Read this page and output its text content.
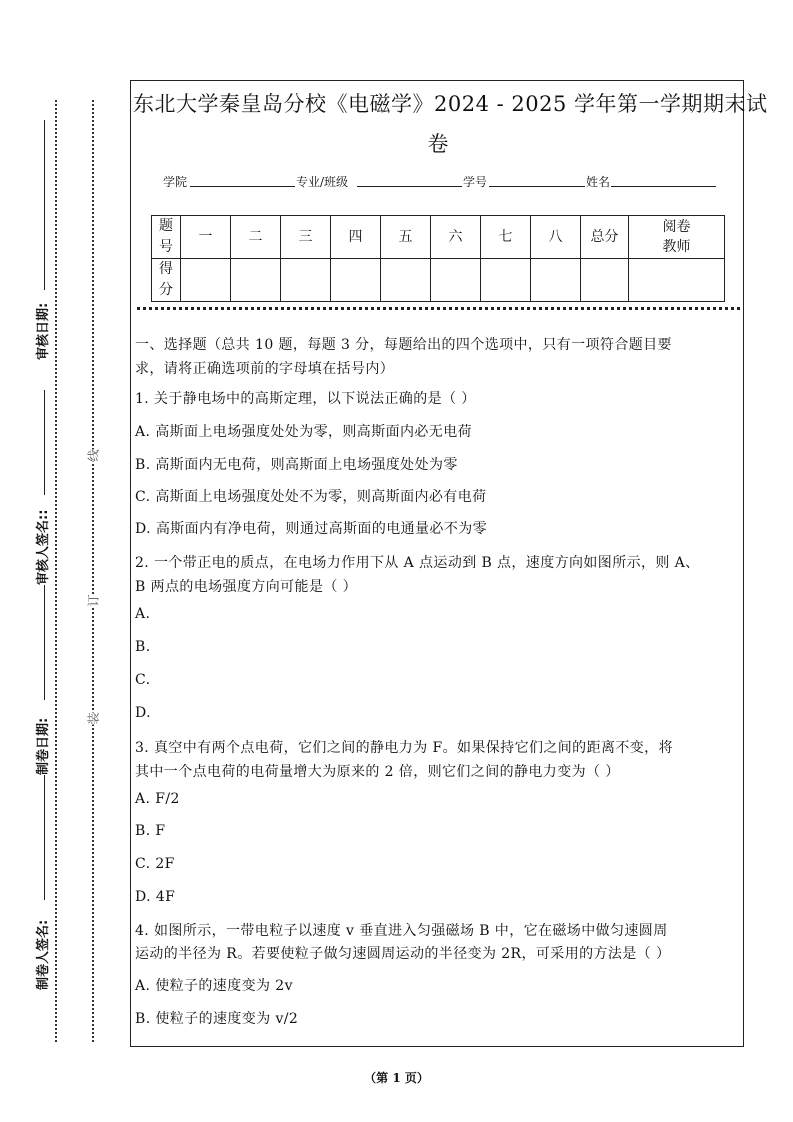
制卷人签名:
制卷日期:
审核人签名::
审核日期:
装
订
线
东北大学秦皇岛分校《电磁学》2024 - 2025 学年第一学期期末试
卷
学院	专业/班级	学号	姓名
题号	一	二	三	四	五	六	七	八	总分	阅卷教师
得分										
一、选择题（总共 10 题，每题 3 分，每题给出的四个选项中，只有一项符合题目要
求，请将正确选项前的字母填在括号内）
1. 关于静电场中的高斯定理，以下说法正确的是（ ）
A. 高斯面上电场强度处处为零，则高斯面内必无电荷
B. 高斯面内无电荷，则高斯面上电场强度处处为零
C. 高斯面上电场强度处处不为零，则高斯面内必有电荷
D. 高斯面内有净电荷，则通过高斯面的电通量必不为零
2. 一个带正电的质点，在电场力作用下从 A 点运动到 B 点，速度方向如图所示，则 A、
B 两点的电场强度方向可能是（ ）
A.
B.
C.
D.
3. 真空中有两个点电荷，它们之间的静电力为 F。如果保持它们之间的距离不变，将
其中一个点电荷的电荷量增大为原来的 2 倍，则它们之间的静电力变为（ ）
A. F/2
B. F
C. 2F
D. 4F
4. 如图所示，一带电粒子以速度 v 垂直进入匀强磁场 B 中，它在磁场中做匀速圆周
运动的半径为 R。若要使粒子做匀速圆周运动的半径变为 2R，可采用的方法是（ ）
A. 使粒子的速度变为 2v
B. 使粒子的速度变为 v/2
（第 1 页）
